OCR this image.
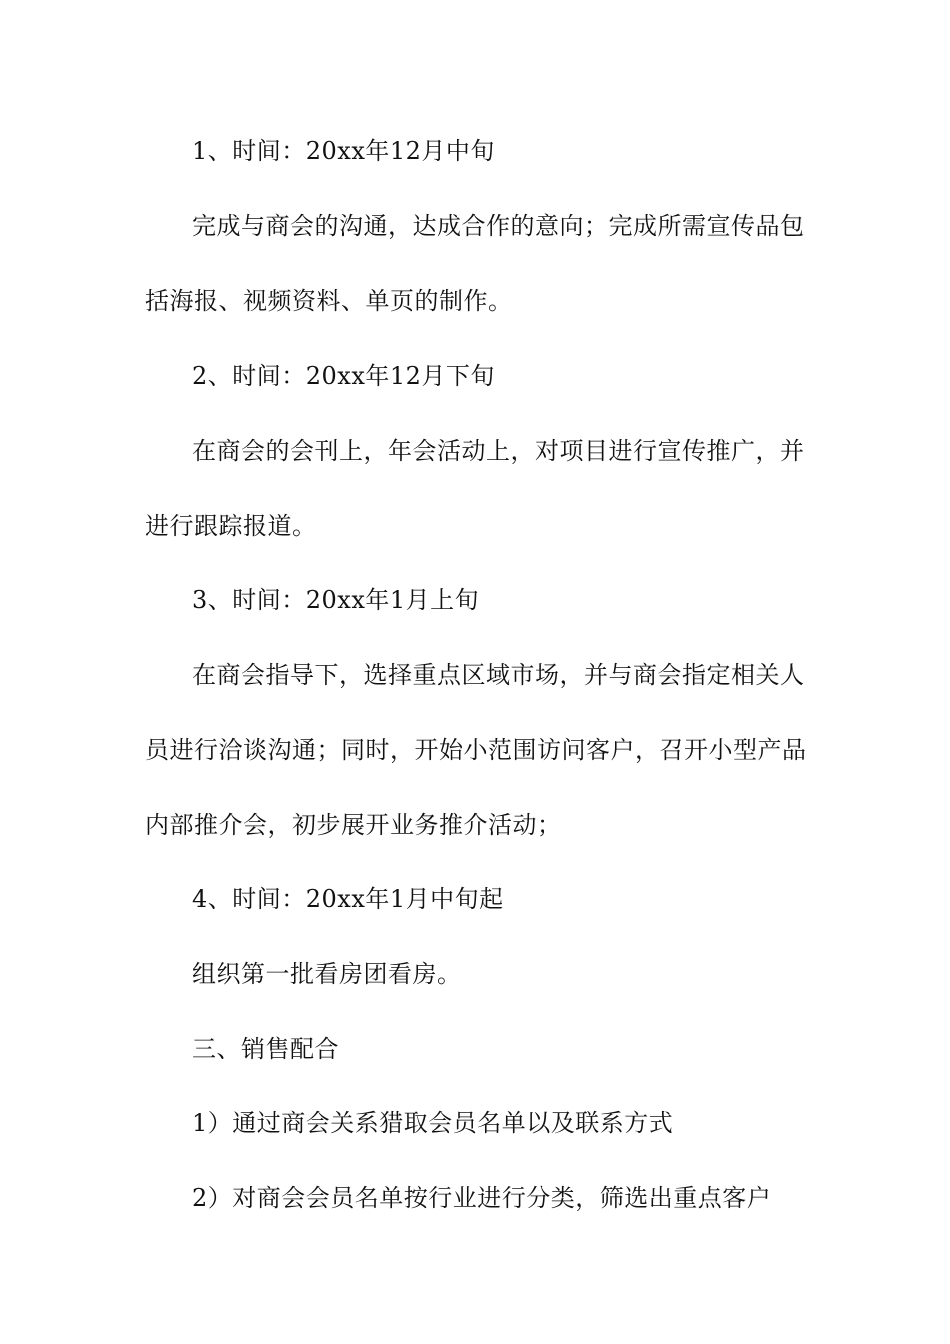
1、时间：20xx年12月中旬
完成与商会的沟通，达成合作的意向；完成所需宣传品包
括海报、视频资料、单页的制作。
2、时间：20xx年12月下旬
在商会的会刊上，年会活动上，对项目进行宣传推广，并
进行跟踪报道。
3、时间：20xx年1月上旬
在商会指导下，选择重点区域市场，并与商会指定相关人
员进行洽谈沟通；同时，开始小范围访问客户，召开小型产品
内部推介会，初步展开业务推介活动；
4、时间：20xx年1月中旬起
组织第一批看房团看房。
三、销售配合
1）通过商会关系猎取会员名单以及联系方式
2）对商会会员名单按行业进行分类，筛选出重点客户
